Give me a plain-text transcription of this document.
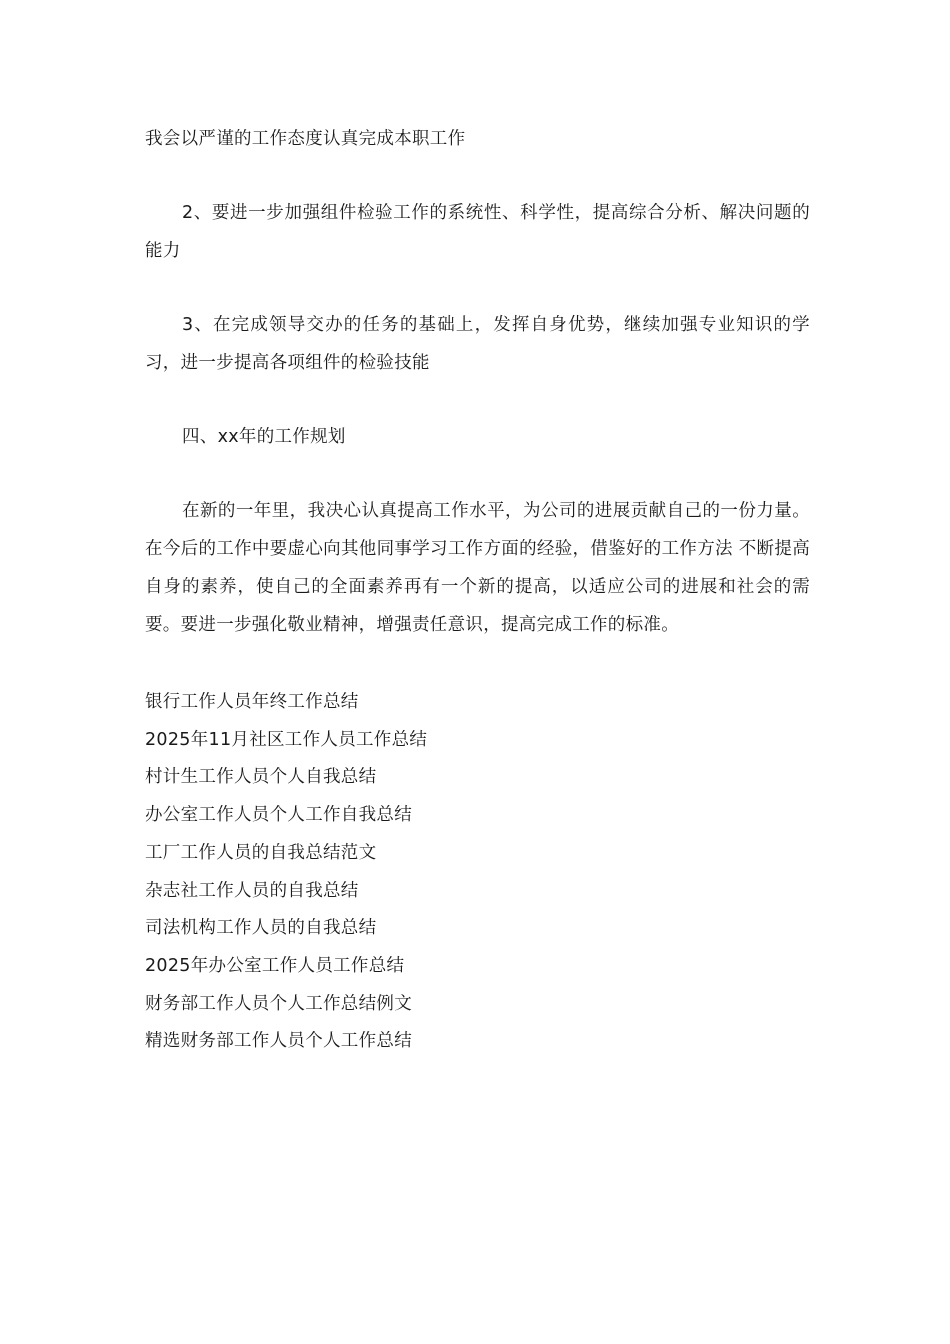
我会以严谨的工作态度认真完成本职工作

2、要进一步加强组件检验工作的系统性、科学性，提高综合分析、解决问题的能力

3、在完成领导交办的任务的基础上，发挥自身优势，继续加强专业知识的学习，进一步提高各项组件的检验技能

四、xx年的工作规划

在新的一年里，我决心认真提高工作水平，为公司的进展贡献自己的一份力量。在今后的工作中要虚心向其他同事学习工作方面的经验，借鉴好的工作方法 不断提高自身的素养，使自己的全面素养再有一个新的提高，以适应公司的进展和社会的需要。要进一步强化敬业精神，增强责任意识，提高完成工作的标准。

银行工作人员年终工作总结
2025年11月社区工作人员工作总结
村计生工作人员个人自我总结
办公室工作人员个人工作自我总结
工厂工作人员的自我总结范文
杂志社工作人员的自我总结
司法机构工作人员的自我总结
2025年办公室工作人员工作总结
财务部工作人员个人工作总结例文
精选财务部工作人员个人工作总结
